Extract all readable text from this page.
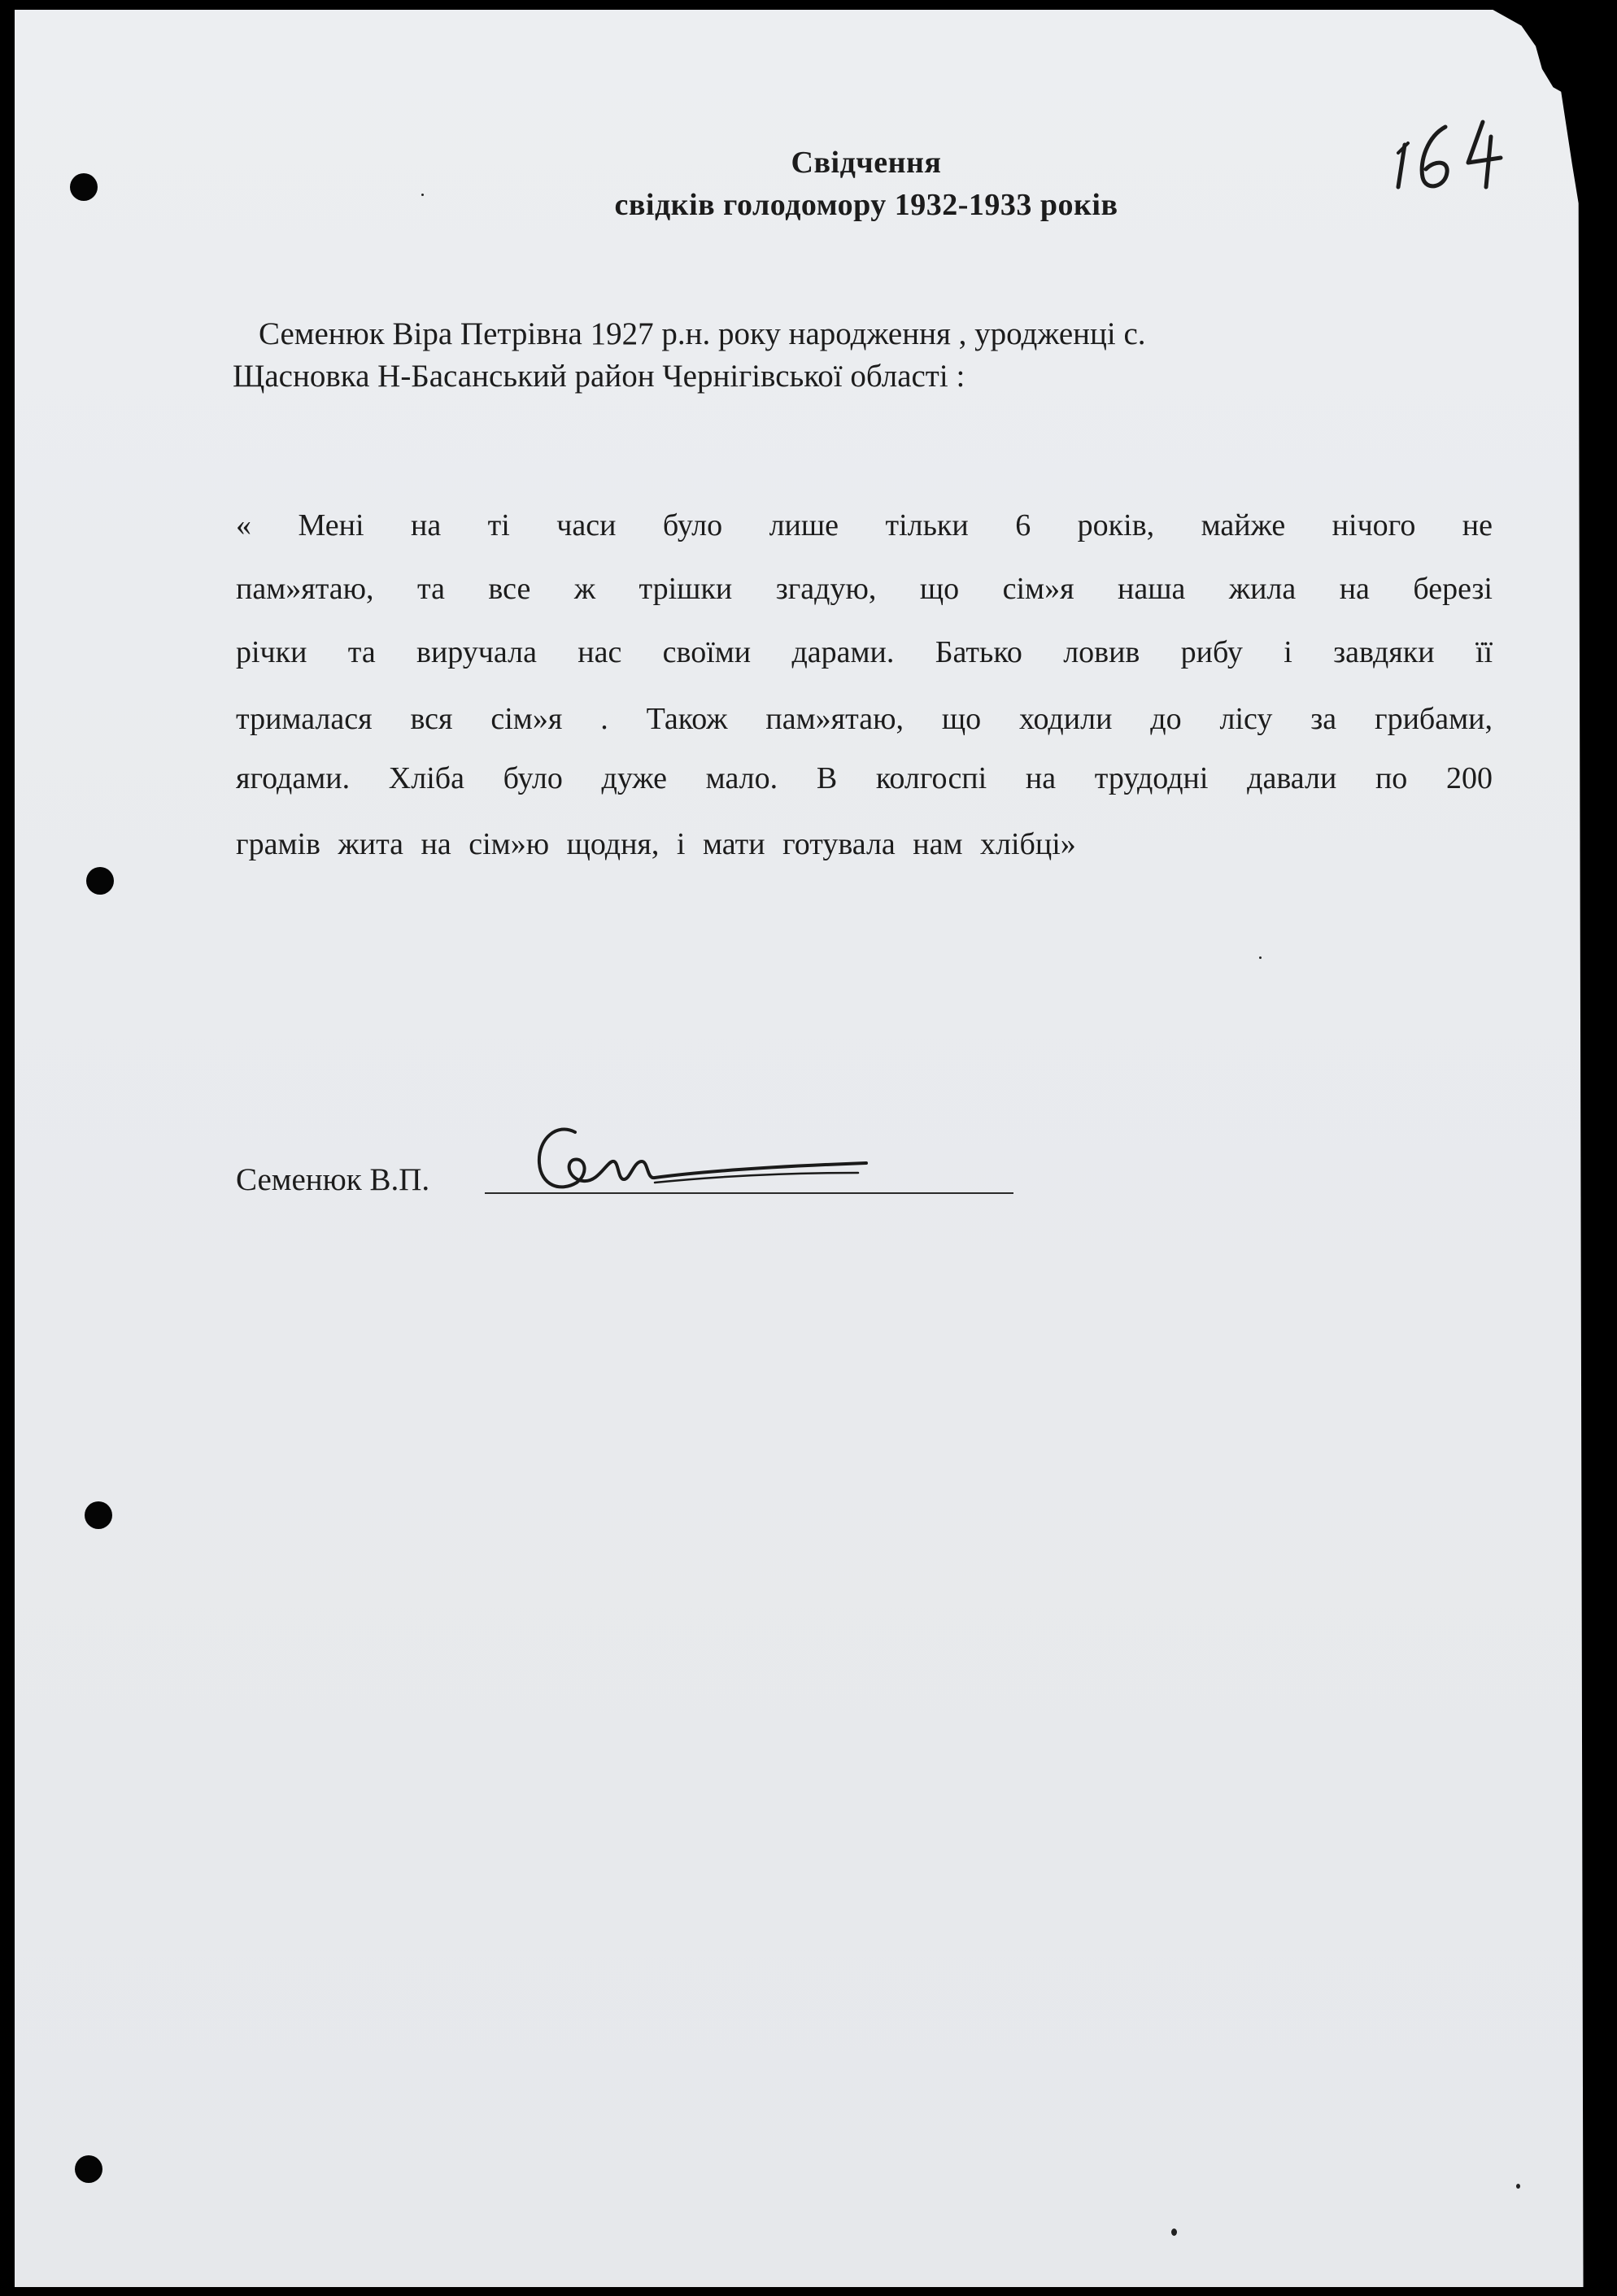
Свідчення
свідків голодомору 1932-1933 років
Семенюк Віра Петрівна 1927 р.н. року народження , уродженці с.
Щасновка Н-Басанський район Чернігівської області :
« Мені на ті часи було лише тільки 6 років, майже нічого не
пам»ятаю, та все ж трішки згадую, що сім»я наша жила на березі
річки та виручала нас своїми дарами. Батько ловив рибу і завдяки її
трималася вся сім»я . Також пам»ятаю, що ходили до лісу за грибами,
ягодами. Хліба було дуже мало. В колгоспі на трудодні давали по 200
грамів жита на сім»ю щодня, і мати готувала нам хлібці»
Семенюк В.П.
